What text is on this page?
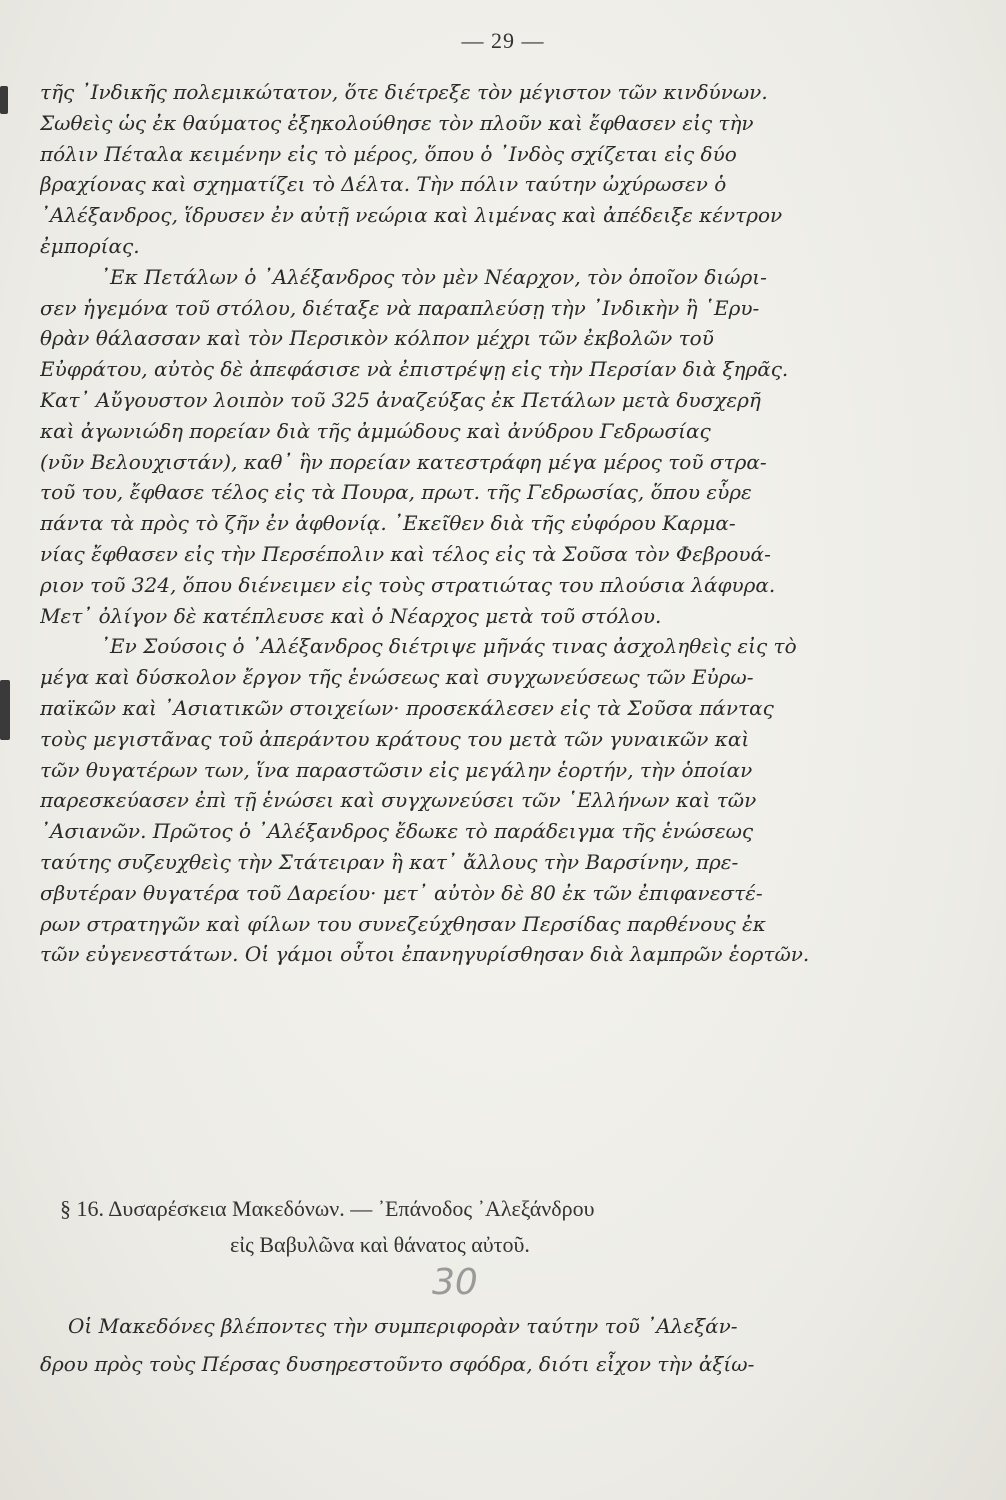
— 29 —
τῆς ᾽Ινδικῆς πολεμικώτατον, ὅτε διέτρεξε τὸν μέγιστον τῶν κινδύνων.
Σωθεὶς ὡς ἐκ θαύματος ἐξηκολούθησε τὸν πλοῦν καὶ ἔφθασεν εἰς τὴν
πόλιν Πέταλα κειμένην εἰς τὸ μέρος, ὅπου ὁ ᾽Ινδὸς σχίζεται εἰς δύο
βραχίονας καὶ σχηματίζει τὸ Δέλτα. Τὴν πόλιν ταύτην ὠχύρωσεν ὁ
᾽Αλέξανδρος, ἵδρυσεν ἐν αὐτῇ νεώρια καὶ λιμένας καὶ ἀπέδειξε κέντρον
ἐμπορίας.
᾽Εκ Πετάλων ὁ ᾽Αλέξανδρος τὸν μὲν Νέαρχον, τὸν ὁποῖον διώρι-
σεν ἡγεμόνα τοῦ στόλου, διέταξε νὰ παραπλεύσῃ τὴν ᾽Ινδικὴν ἢ ῾Ερυ-
θρὰν θάλασσαν καὶ τὸν Περσικὸν κόλπον μέχρι τῶν ἐκβολῶν τοῦ
Εὐφράτου, αὐτὸς δὲ ἀπεφάσισε νὰ ἐπιστρέψῃ εἰς τὴν Περσίαν διὰ ξηρᾶς.
Κατ᾽ Αὔγουστον λοιπὸν τοῦ 325 ἀναζεύξας ἐκ Πετάλων μετὰ δυσχερῆ
καὶ ἀγωνιώδη πορείαν διὰ τῆς ἀμμώδους καὶ ἀνύδρου Γεδρωσίας
(νῦν Βελουχιστάν), καθ᾽ ἣν πορείαν κατεστράφη μέγα μέρος τοῦ στρα-
τοῦ του, ἔφθασε τέλος εἰς τὰ Πουρα, πρωτ. τῆς Γεδρωσίας, ὅπου εὗρε
πάντα τὰ πρὸς τὸ ζῆν ἐν ἀφθονίᾳ. ᾽Εκεῖθεν διὰ τῆς εὐφόρου Καρμα-
νίας ἔφθασεν εἰς τὴν Περσέπολιν καὶ τέλος εἰς τὰ Σοῦσα τὸν Φεβρουά-
ριον τοῦ 324, ὅπου διένειμεν εἰς τοὺς στρατιώτας του πλούσια λάφυρα.
Μετ᾽ ὀλίγον δὲ κατέπλευσε καὶ ὁ Νέαρχος μετὰ τοῦ στόλου.
᾽Εν Σούσοις ὁ ᾽Αλέξανδρος διέτριψε μῆνάς τινας ἀσχοληθεὶς εἰς τὸ
μέγα καὶ δύσκολον ἔργον τῆς ἑνώσεως καὶ συγχωνεύσεως τῶν Εὐρω-
παϊκῶν καὶ ᾽Ασιατικῶν στοιχείων· προσεκάλεσεν εἰς τὰ Σοῦσα πάντας
τοὺς μεγιστᾶνας τοῦ ἀπεράντου κράτους του μετὰ τῶν γυναικῶν καὶ
τῶν θυγατέρων των, ἵνα παραστῶσιν εἰς μεγάλην ἑορτήν, τὴν ὁποίαν
παρεσκεύασεν ἐπὶ τῇ ἑνώσει καὶ συγχωνεύσει τῶν ῾Ελλήνων καὶ τῶν
᾽Ασιανῶν. Πρῶτος ὁ ᾽Αλέξανδρος ἔδωκε τὸ παράδειγμα τῆς ἑνώσεως
ταύτης συζευχθεὶς τὴν Στάτειραν ἢ κατ᾽ ἄλλους τὴν Βαρσίνην, πρε-
σβυτέραν θυγατέρα τοῦ Δαρείου· μετ᾽ αὐτὸν δὲ 80 ἐκ τῶν ἐπιφανεστέ-
ρων στρατηγῶν καὶ φίλων του συνεζεύχθησαν Περσίδας παρθένους ἐκ
τῶν εὐγενεστάτων. Οἱ γάμοι οὗτοι ἐπανηγυρίσθησαν διὰ λαμπρῶν ἑορτῶν.
§ 16. Δυσαρέσκεια Μακεδόνων. — ᾽Επάνοδος ᾽Αλεξάνδρου
εἰς Βαβυλῶνα καὶ θάνατος αὐτοῦ.
30
Οἱ Μακεδόνες βλέποντες τὴν συμπεριφορὰν ταύτην τοῦ ᾽Αλεξάν-
δρου πρὸς τοὺς Πέρσας δυσηρεστοῦντο σφόδρα, διότι εἶχον τὴν ἀξίω-
